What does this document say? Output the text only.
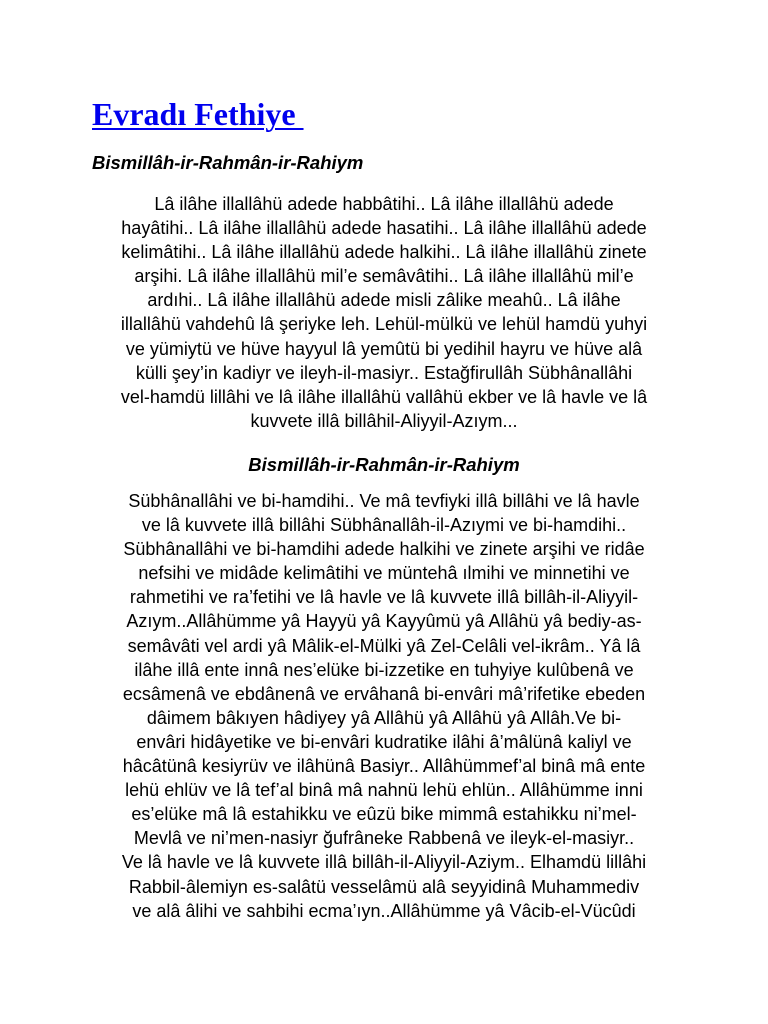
Evradı Fethiye
Bismillâh-ir-Rahmân-ir-Rahiym

Lâ ilâhe illallâhü adede habbâtihi.. Lâ ilâhe illallâhü adede
hayâtihi.. Lâ ilâhe illallâhü adede hasatihi.. Lâ ilâhe illallâhü adede
kelimâtihi.. Lâ ilâhe illallâhü adede halkihi.. Lâ ilâhe illallâhü zinete
arşihi. Lâ ilâhe illallâhü mil’e semâvâtihi.. Lâ ilâhe illallâhü mil’e
ardıhi.. Lâ ilâhe illallâhü adede misli zâlike meahû.. Lâ ilâhe
illallâhü vahdehû lâ şeriyke leh. Lehül-mülkü ve lehül hamdü yuhyi
ve yümiytü ve hüve hayyul lâ yemûtü bi yedihil hayru ve hüve alâ
külli şey’in kadiyr ve ileyh-il-masiyr.. Estağfirullâh Sübhânallâhi
vel-hamdü lillâhi ve lâ ilâhe illallâhü vallâhü ekber ve lâ havle ve lâ
kuvvete illâ billâhil-Aliyyil-Azıym...

Bismillâh-ir-Rahmân-ir-Rahiym

Sübhânallâhi ve bi-hamdihi.. Ve mâ tevfiyki illâ billâhi ve lâ havle
ve lâ kuvvete illâ billâhi Sübhânallâh-il-Azıymi ve bi-hamdihi..
Sübhânallâhi ve bi-hamdihi adede halkihi ve zinete arşihi ve ridâe
nefsihi ve midâde kelimâtihi ve müntehâ ılmihi ve minnetihi ve
rahmetihi ve ra’fetihi ve lâ havle ve lâ kuvvete illâ billâh-il-Aliyyil-
Azıym..Allâhümme yâ Hayyü yâ Kayyûmü yâ Allâhü yâ bediy-as-
semâvâti vel ardi yâ Mâlik-el-Mülki yâ Zel-Celâli vel-ikrâm.. Yâ lâ
ilâhe illâ ente innâ nes’elüke bi-izzetike en tuhyiye kulûbenâ ve
ecsâmenâ ve ebdânenâ ve ervâhanâ bi-envâri mâ’rifetike ebeden
dâimem bâkıyen hâdiyey yâ Allâhü yâ Allâhü yâ Allâh.Ve bi-
envâri hidâyetike ve bi-envâri kudratike ilâhi â’mâlünâ kaliyl ve
hâcâtünâ kesiyrüv ve ilâhünâ Basiyr.. Allâhümmef’al binâ mâ ente
lehü ehlüv ve lâ tef’al binâ mâ nahnü lehü ehlün.. Allâhümme inni
es’elüke mâ lâ estahikku ve eûzü bike mimmâ estahikku ni’mel-
Mevlâ ve ni’men-nasiyr ğufrâneke Rabbenâ ve ileyk-el-masiyr..
Ve lâ havle ve lâ kuvvete illâ billâh-il-Aliyyil-Aziym.. Elhamdü lillâhi
Rabbil-âlemiyn es-salâtü vesselâmü alâ seyyidinâ Muhammediv
ve alâ âlihi ve sahbihi ecma’ıyn..Allâhümme yâ Vâcib-el-Vücûdi
